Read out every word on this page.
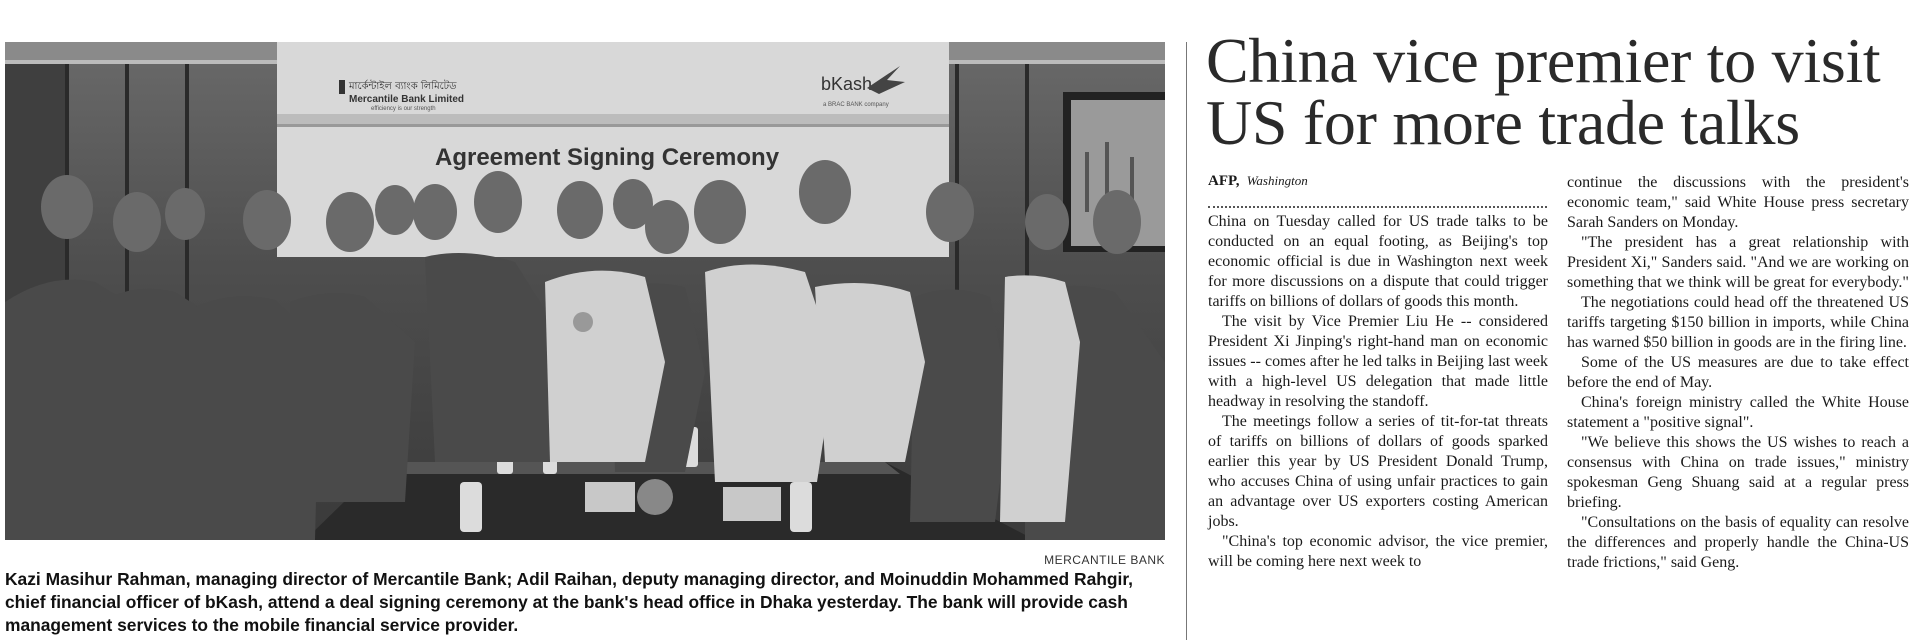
মার্কেন্টাইল ব্যাংক লিমিটেড
Mercantile Bank Limited
efficiency is our strength
bKash
a BRAC BANK company
Agreement Signing Ceremony
MERCANTILE BANK
Kazi Masihur Rahman, managing director of Mercantile Bank; Adil Raihan, deputy managing director, and Moinuddin Mohammed Rahgir, chief financial officer of bKash, attend a deal signing ceremony at the bank's head office in Dhaka yesterday. The bank will provide cash management services to the mobile financial service provider.
China vice premier to visit US for more trade talks
AFP, Washington

China on Tuesday called for US trade talks to be conducted on an equal footing, as Beijing's top economic official is due in Washington next week for more discussions on a dispute that could trigger tariffs on billions of dollars of goods this month.

The visit by Vice Premier Liu He -- considered President Xi Jinping's right-hand man on economic issues -- comes after he led talks in Beijing last week with a high-level US delegation that made little headway in resolving the standoff.

The meetings follow a series of tit-for-tat threats of tariffs on billions of dollars of goods sparked earlier this year by US President Donald Trump, who accuses China of using unfair practices to gain an advantage over US exporters costing American jobs.

"China's top economic advisor, the vice premier, will be coming here next week to

continue the discussions with the president's economic team," said White House press secretary Sarah Sanders on Monday.

"The president has a great relationship with President Xi," Sanders said. "And we are working on something that we think will be great for everybody."

The negotiations could head off the threatened US tariffs targeting $150 billion in imports, while China has warned $50 billion in goods are in the firing line.

Some of the US measures are due to take effect before the end of May.

China's foreign ministry called the White House statement a "positive signal".

"We believe this shows the US wishes to reach a consensus with China on trade issues," ministry spokesman Geng Shuang said at a regular press briefing.

"Consultations on the basis of equality can resolve the differences and properly handle the China-US trade frictions," said Geng.
